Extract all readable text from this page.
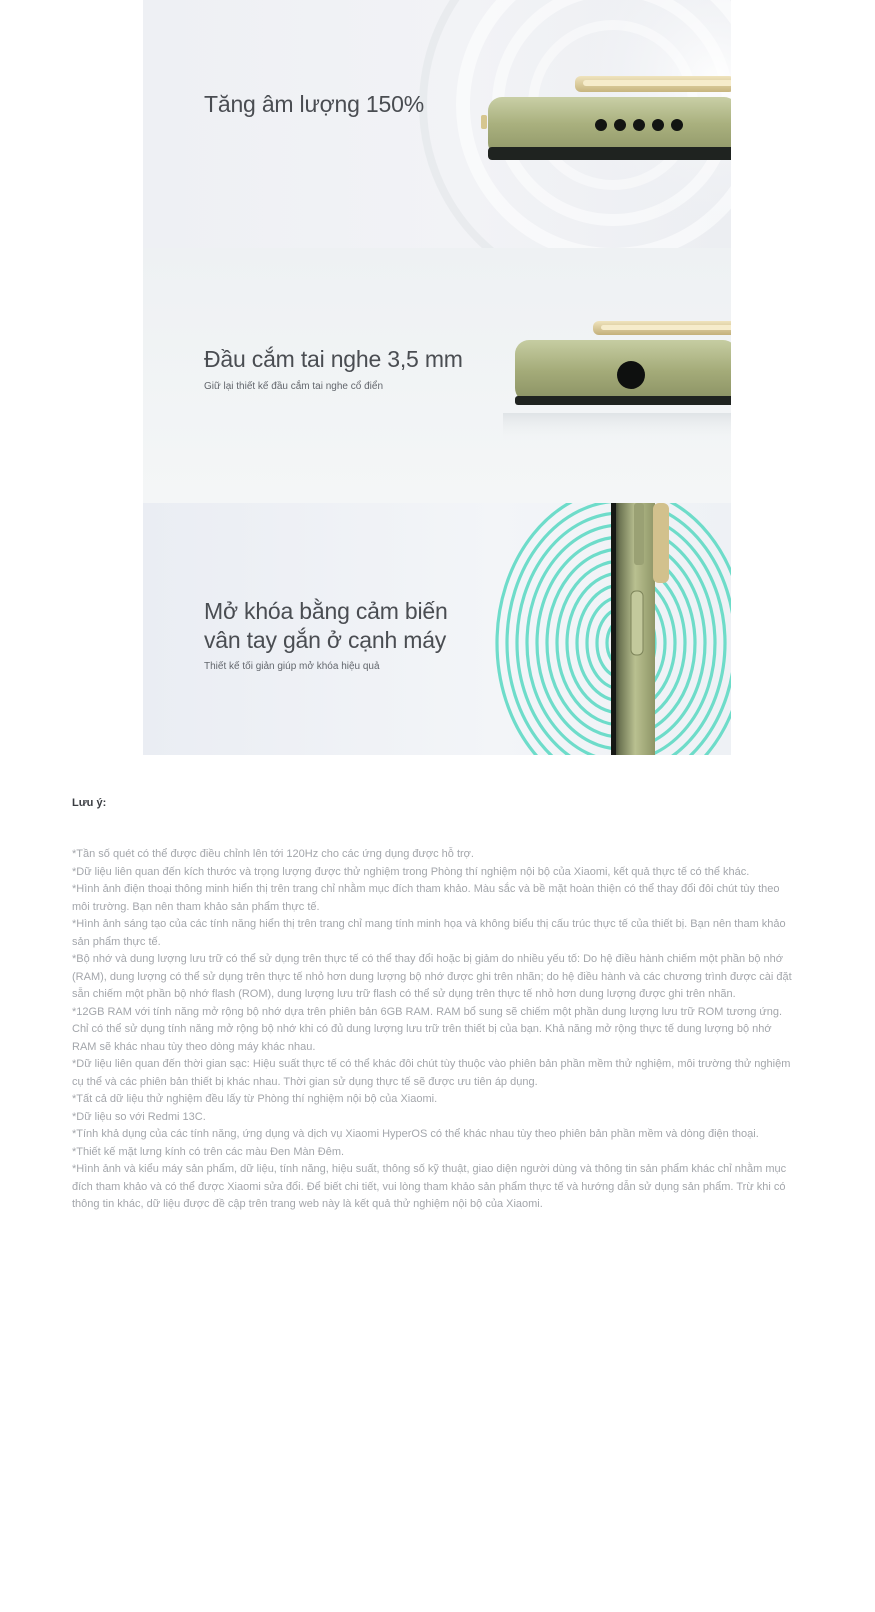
Tăng âm lượng 150%
Đầu cắm tai nghe 3,5 mm
Giữ lại thiết kế đầu cắm tai nghe cổ điển
Mở khóa bằng cảm biến
vân tay gắn ở cạnh máy
Thiết kế tối giản giúp mở khóa hiệu quả
Lưu ý:
*Tần số quét có thể được điều chỉnh lên tới 120Hz cho các ứng dụng được hỗ trợ.
*Dữ liệu liên quan đến kích thước và trọng lượng được thử nghiệm trong Phòng thí nghiệm nội bộ của Xiaomi, kết quả thực tế có thể khác.
*Hình ảnh điện thoại thông minh hiển thị trên trang chỉ nhằm mục đích tham khảo. Màu sắc và bề mặt hoàn thiện có thể thay đổi đôi chút tùy theo môi trường. Bạn nên tham khảo sản phẩm thực tế.
*Hình ảnh sáng tạo của các tính năng hiển thị trên trang chỉ mang tính minh họa và không biểu thị cấu trúc thực tế của thiết bị. Bạn nên tham khảo sản phẩm thực tế.
*Bộ nhớ và dung lượng lưu trữ có thể sử dụng trên thực tế có thể thay đổi hoặc bị giảm do nhiều yếu tố: Do hệ điều hành chiếm một phần bộ nhớ (RAM), dung lượng có thể sử dụng trên thực tế nhỏ hơn dung lượng bộ nhớ được ghi trên nhãn; do hệ điều hành và các chương trình được cài đặt sẵn chiếm một phần bộ nhớ flash (ROM), dung lượng lưu trữ flash có thể sử dụng trên thực tế nhỏ hơn dung lượng được ghi trên nhãn.
*12GB RAM với tính năng mở rộng bộ nhớ dựa trên phiên bản 6GB RAM. RAM bổ sung sẽ chiếm một phần dung lượng lưu trữ ROM tương ứng. Chỉ có thể sử dụng tính năng mở rộng bộ nhớ khi có đủ dung lượng lưu trữ trên thiết bị của bạn. Khả năng mở rộng thực tế dung lượng bộ nhớ RAM sẽ khác nhau tùy theo dòng máy khác nhau.
*Dữ liệu liên quan đến thời gian sạc: Hiệu suất thực tế có thể khác đôi chút tùy thuộc vào phiên bản phần mềm thử nghiệm, môi trường thử nghiệm cụ thể và các phiên bản thiết bị khác nhau. Thời gian sử dụng thực tế sẽ được ưu tiên áp dụng.
*Tất cả dữ liệu thử nghiệm đều lấy từ Phòng thí nghiệm nội bộ của Xiaomi.
*Dữ liệu so với Redmi 13C.
*Tính khả dụng của các tính năng, ứng dụng và dịch vụ Xiaomi HyperOS có thể khác nhau tùy theo phiên bản phần mềm và dòng điện thoại.
*Thiết kế mặt lưng kính có trên các màu Đen Màn Đêm.
*Hình ảnh và kiểu máy sản phẩm, dữ liệu, tính năng, hiệu suất, thông số kỹ thuật, giao diện người dùng và thông tin sản phẩm khác chỉ nhằm mục đích tham khảo và có thể được Xiaomi sửa đổi. Để biết chi tiết, vui lòng tham khảo sản phẩm thực tế và hướng dẫn sử dụng sản phẩm. Trừ khi có thông tin khác, dữ liệu được đề cập trên trang web này là kết quả thử nghiệm nội bộ của Xiaomi.
